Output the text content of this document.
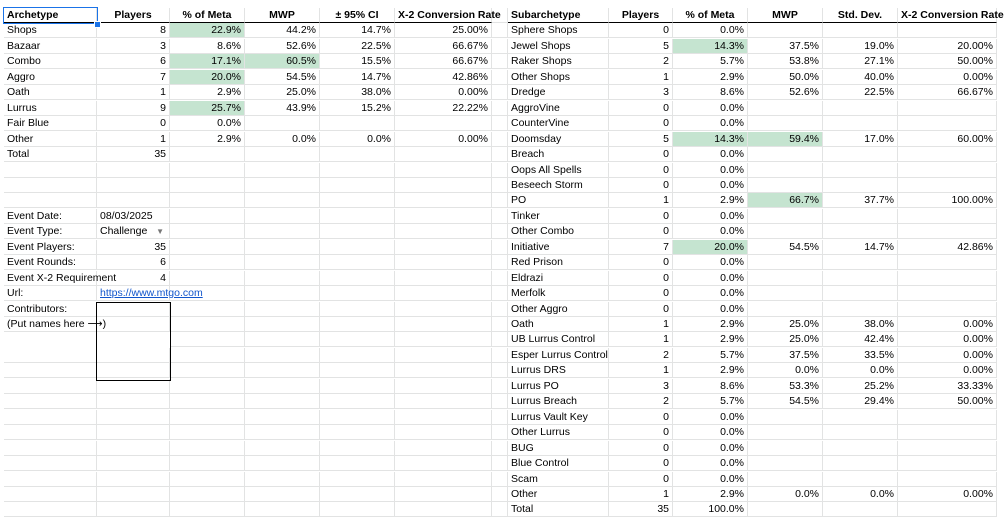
Archetype	Players	% of Meta	MWP	± 95% CI	X-2 Conversion Rate
Shops	8	22.9%	44.2%	14.7%	25.00%
Bazaar	3	8.6%	52.6%	22.5%	66.67%
Combo	6	17.1%	60.5%	15.5%	66.67%
Aggro	7	20.0%	54.5%	14.7%	42.86%
Oath	1	2.9%	25.0%	38.0%	0.00%
Lurrus	9	25.7%	43.9%	15.2%	22.22%
Fair Blue	0	0.0%
Other	1	2.9%	0.0%	0.0%	0.00%
Total	35
Event Date:	08/03/2025
Event Type:	Challenge ▼
Event Players:	35
Event Rounds:	6
Event X-2 Requirement	4
Url:	https://www.mtgo.com
Contributors:
(Put names here ⟶)
Subarchetype	Players	% of Meta	MWP	Std. Dev.	X-2 Conversion Rate
Sphere Shops	0	0.0%
Jewel Shops	5	14.3%	37.5%	19.0%	20.00%
Raker Shops	2	5.7%	53.8%	27.1%	50.00%
Other Shops	1	2.9%	50.0%	40.0%	0.00%
Dredge	3	8.6%	52.6%	22.5%	66.67%
AggroVine	0	0.0%
CounterVine	0	0.0%
Doomsday	5	14.3%	59.4%	17.0%	60.00%
Breach	0	0.0%
Oops All Spells	0	0.0%
Beseech Storm	0	0.0%
PO	1	2.9%	66.7%	37.7%	100.00%
Tinker	0	0.0%
Other Combo	0	0.0%
Initiative	7	20.0%	54.5%	14.7%	42.86%
Red Prison	0	0.0%
Eldrazi	0	0.0%
Merfolk	0	0.0%
Other Aggro	0	0.0%
Oath	1	2.9%	25.0%	38.0%	0.00%
UB Lurrus Control	1	2.9%	25.0%	42.4%	0.00%
Esper Lurrus Control	2	5.7%	37.5%	33.5%	0.00%
Lurrus DRS	1	2.9%	0.0%	0.0%	0.00%
Lurrus PO	3	8.6%	53.3%	25.2%	33.33%
Lurrus Breach	2	5.7%	54.5%	29.4%	50.00%
Lurrus Vault Key	0	0.0%
Other Lurrus	0	0.0%
BUG	0	0.0%
Blue Control	0	0.0%
Scam	0	0.0%
Other	1	2.9%	0.0%	0.0%	0.00%
Total	35	100.0%
